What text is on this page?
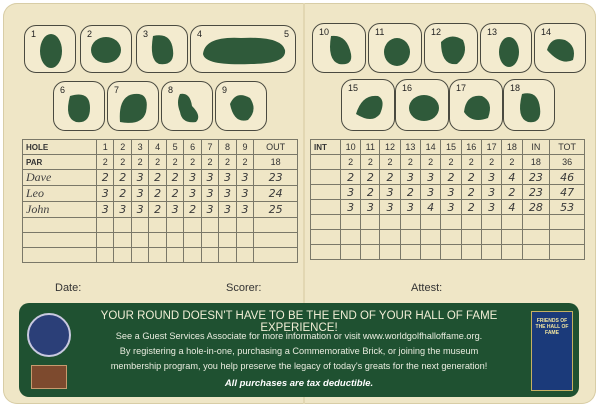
1	2	3	4	5
6	7	8	9
10	11	12	13	14
15	16	17	18
HOLE	1	2	3	4	5	6	7	8	9	OUT
PAR	2	2	2	2	2	2	2	2	2	18
Dave	2	2	3	2	2	3	3	3	3	23
Leo	3	2	3	2	2	3	3	3	3	24
John	3	3	3	2	3	2	3	3	3	25

INT	10	11	12	13	14	15	16	17	18	IN	TOT
	2	2	2	2	2	2	2	2	2	18	36
	2	2	2	3	3	2	2	3	4	23	46
	3	2	3	2	3	3	2	3	2	23	47
	3	3	3	3	4	3	2	3	4	28	53

Date:	Scorer:	Attest:
YOUR ROUND DOESN'T HAVE TO BE THE END OF YOUR HALL OF FAME EXPERIENCE!
See a Guest Services Associate for more information or visit www.worldgolfhalloffame.org.
By registering a hole-in-one, purchasing a Commemorative Brick, or joining the museum
membership program, you help preserve the legacy of today's greats for the next generation!
All purchases are tax deductible.
FRIENDS OF THE HALL OF FAME
